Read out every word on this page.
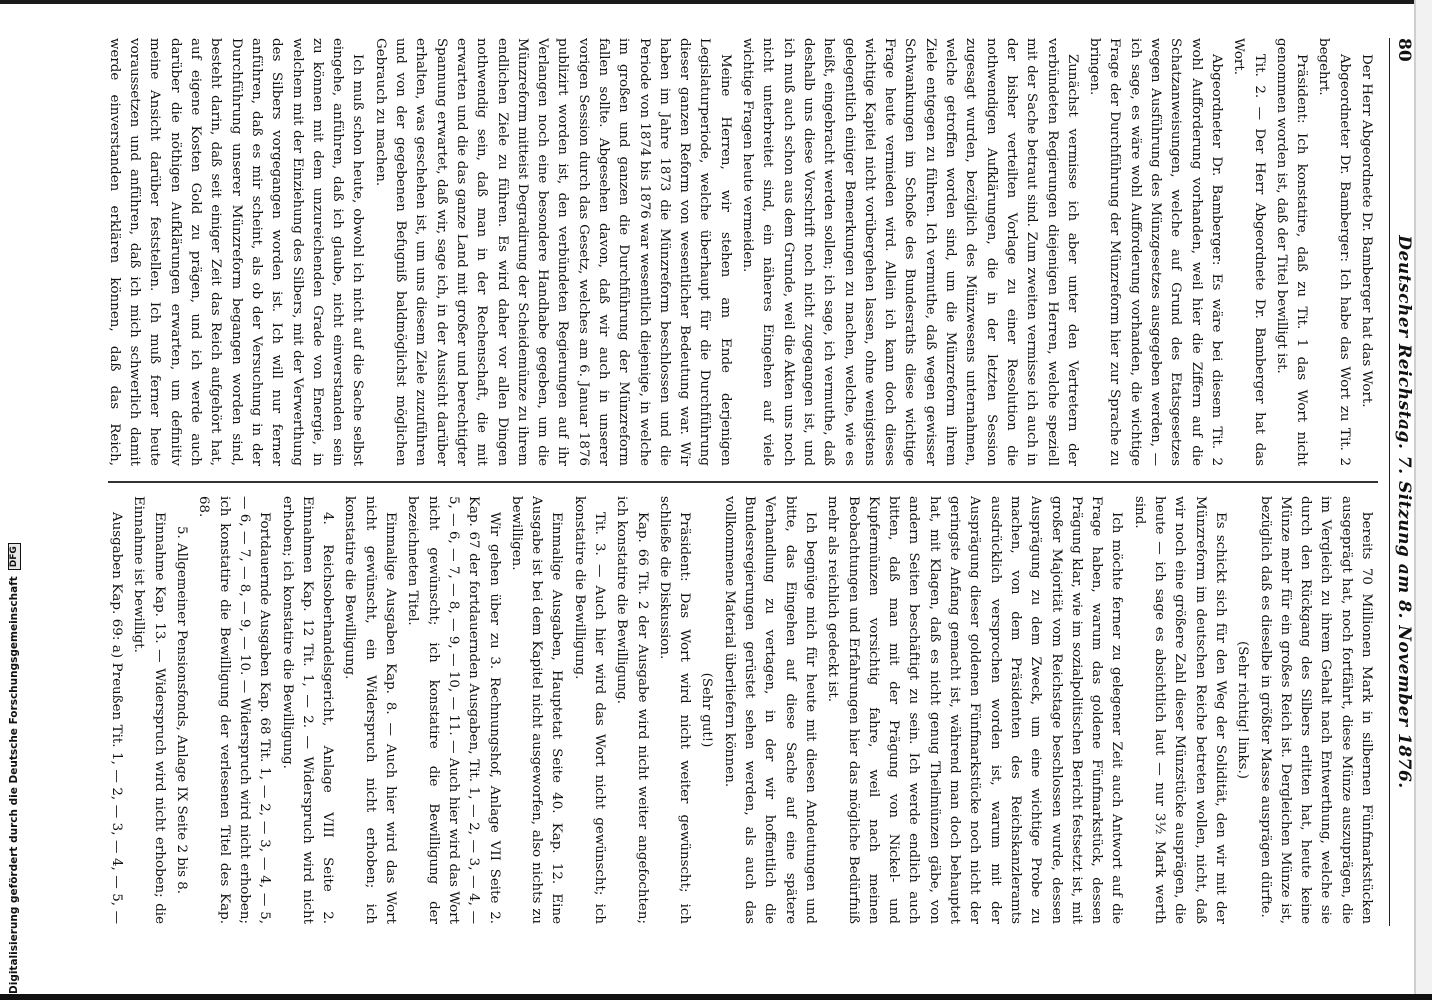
Digitalisierung gefördert durch die Deutsche Forschungsgemeinschaft
DFG
80
Deutscher Reichstag. 7. Sitzung am 8. November 1876.

Der Herr Abgeordnete Dr. Bamberger hat das Wort.

Abgeordneter Dr. Bamberger: Ich habe das Wort zu Tit. 2 begehrt.

Präsident: Ich konstatire, daß zu Tit. 1 das Wort nicht genommen worden ist, daß der Titel bewilligt ist.

Tit. 2. — Der Herr Abgeordnete Dr. Bamberger hat das Wort.

Abgeordneter Dr. Bamberger: Es wäre bei diesem Tit. 2 wohl Aufforderung vorhanden, weil hier die Ziffern auf die Schatzanweisungen, welche auf Grund des Etatsgesetzes wegen Ausführung des Münzgesetzes ausgegeben werden, — ich sage, es wäre wohl Aufforderung vorhanden, die wichtige Frage der Durchführung der Münzreform hier zur Sprache zu bringen.

Zunächst vermisse ich aber unter den Vertretern der verbündeten Regierungen diejenigen Herren, welche speziell mit der Sache betraut sind. Zum zweiten vermisse ich auch in der bisher verteilten Vorlage zu einer Resolution die nothwendigen Aufklärungen, die in der letzten Session zugesagt wurden, bezüglich des Münzwesens unternahmen, welche getroffen worden sind, um die Münzreform ihrem Ziele entgegen zu führen. Ich vermuthe, daß wegen gewisser Schwankungen im Schoße des Bundesraths diese wichtige Frage heute vermieden wird. Allein ich kann doch dieses wichtige Kapitel nicht vorübergehen lassen, ohne wenigstens gelegentlich einiger Bemerkungen zu machen, welche, wie es heißt, eingebracht werden sollen; ich sage, ich vermuthe, daß deshalb uns diese Vorschrift noch nicht zugegangen ist, und ich muß auch schon aus dem Grunde, weil die Akten uns noch nicht unterbreitet sind, ein näheres Eingehen auf viele wichtige Fragen heute vermeiden.

Meine Herren, wir stehen am Ende derjenigen Legislaturperiode, welche überhaupt für die Durchführung dieser ganzen Reform von wesentlicher Bedeutung war. Wir haben im Jahre 1873 die Münzreform beschlossen und die Periode von 1874 bis 1876 war wesentlich diejenige, in welche im großen und ganzen die Durchführung der Münzreform fallen sollte. Abgesehen davon, daß wir auch in unserer vorigen Session durch das Gesetz, welches am 6. Januar 1876 publizirt worden ist, den verbündeten Regierungen auf ihr Verlangen noch eine besondere Handhabe gegeben, um die Münzreform mitteist Degradirung der Scheidemünze zu ihrem endlichen Ziele zu führen. Es wird daher vor allen Dingen nothwendig sein, daß man in der Rechenschaft, die mit erwarten und die das ganze Land mit großer und berechtigter Spannung erwartet, daß wir, sage ich, in der Aussicht darüber erhalten, was geschehen ist, um uns diesem Ziele zuzuführen und von der gegebenen Befugniß baldmöglichst möglichen Gebrauch zu machen.

Ich muß schon heute, obwohl ich nicht auf die Sache selbst eingehe, anführen, daß ich glaube, nicht einverstanden sein zu können mit dem unzureichenden Grade von Energie, in welchem mit der Einziehung des Silbers, mit der Verwerthung des Silbers vorgegangen worden ist. Ich will nur ferner anführen, daß es mir scheint, als ob der Versuchung in der Durchführung unserer Münzreform begangen worden sind, besteht darin, daß seit einiger Zeit das Reich aufgehört hat, auf eigene Kosten Gold zu prägen, und ich werde auch darüber die nöthigen Aufklärungen erwarten, um definitiv meine Ansicht darüber feststellen. Ich muß ferner heute voraussetzen und anführen, daß ich mich schwerlich damit werde einverstanden erklären können, daß das Reich,

bereits 70 Millionen Mark in silbernen Fünfmarkstücken ausgeprägt hat, noch fortfährt, diese Münze auszuprägen, die im Vergleich zu ihrem Gehalt nach Entwerthung, welche sie durch den Rückgang des Silbers erlitten hat, heute keine Münze mehr für ein großes Reich ist. Dergleichen Münze ist, bezüglich daß es dieselbe in größter Masse ausprägen dürfte.

(Sehr richtig! links.)

Es schickt sich für den Weg der Solidität, den wir mit der Münzreform im deutschen Reiche betreten wollen, nicht, daß wir noch eine größere Zahl dieser Münzstücke ausprägen, die heute — ich sage es absichtlich laut — nur 3½ Mark werth sind.

Ich möchte ferner zu gelegener Zeit auch Antwort auf die Frage haben, warum das goldene Fünfmarkstück, dessen Prägung klar, wie im sozialpolitischen Bericht festsetzt ist, mit großer Majorität vom Reichstage beschlossen wurde, dessen Ausprägung zu dem Zweck, um eine wichtige Probe zu machen, von dem Präsidenten des Reichskanzleramts ausdrücklich versprochen worden ist, warum mit der Ausprägung dieser goldenen Fünfmarkstücke noch nicht der geringste Anfang gemacht ist, während man doch behauptet hat, mit Klagen, daß es nicht genug Theilmünzen gäbe, von andern Seiten beschäftigt zu sein. Ich werde endlich auch bitten, daß man mit der Prägung von Nickel- und Kupfermünzen vorsichtig fahre, weil nach meinen Beobachtungen und Erfahrungen hier das mögliche Bedürfniß mehr als reichlich gedeckt ist.

Ich begnüge mich für heute mit diesen Andeutungen und bitte, das Eingehen auf diese Sache auf eine spätere Verhandlung zu vertagen, in der wir hoffentlich die Bundesregierungen gerüstet sehen werden, als auch das vollkommene Material überliefern können.

(Sehr gut!)

Präsident: Das Wort wird nicht weiter gewünscht; ich schließe die Diskussion.

Kap. 66 Tit. 2 der Ausgabe wird nicht weiter angefochten; ich konstatire die Bewilligung.

Tit. 3. — Auch hier wird das Wort nicht gewünscht; ich konstatire die Bewilligung.

Einmalige Ausgaben, Hauptetat Seite 40. Kap. 12. Eine Ausgabe ist bei dem Kapitel nicht ausgeworfen, also nichts zu bewilligen.

Wir gehen über zu 3. Rechnungshof, Anlage VII Seite 2. Kap. 67 der fortdauernden Ausgaben, Tit. 1, — 2, — 3, — 4, — 5, — 6, — 7, — 8, — 9, — 10, — 11. — Auch hier wird das Wort nicht gewünscht; ich konstatire die Bewilligung der bezeichneten Titel.

Einmalige Ausgaben Kap. 8. — Auch hier wird das Wort nicht gewünscht, ein Widerspruch nicht erhoben; ich konstatire die Bewilligung.

4. Reichsoberhandelsgericht, Anlage VIII Seite 2. Einnahmen Kap. 12 Tit. 1, — 2. — Widerspruch wird nicht erhoben; ich konstatire die Bewilligung.

Fortdauernde Ausgaben Kap. 68 Tit. 1, — 2, — 3, — 4, — 5, — 6, — 7, — 8, — 9, — 10. — Widerspruch wird nicht erhoben; ich konstatire die Bewilligung der verlesenen Titel des Kap. 68.

5. Allgemeiner Pensionsfonds, Anlage IX Seite 2 bis 8.

Einnahme Kap. 13. — Widerspruch wird nicht erhoben; die Einnahme ist bewilligt.

Ausgaben Kap. 69: a) Preußen Tit. 1, — 2, — 3, — 4, — 5, —
